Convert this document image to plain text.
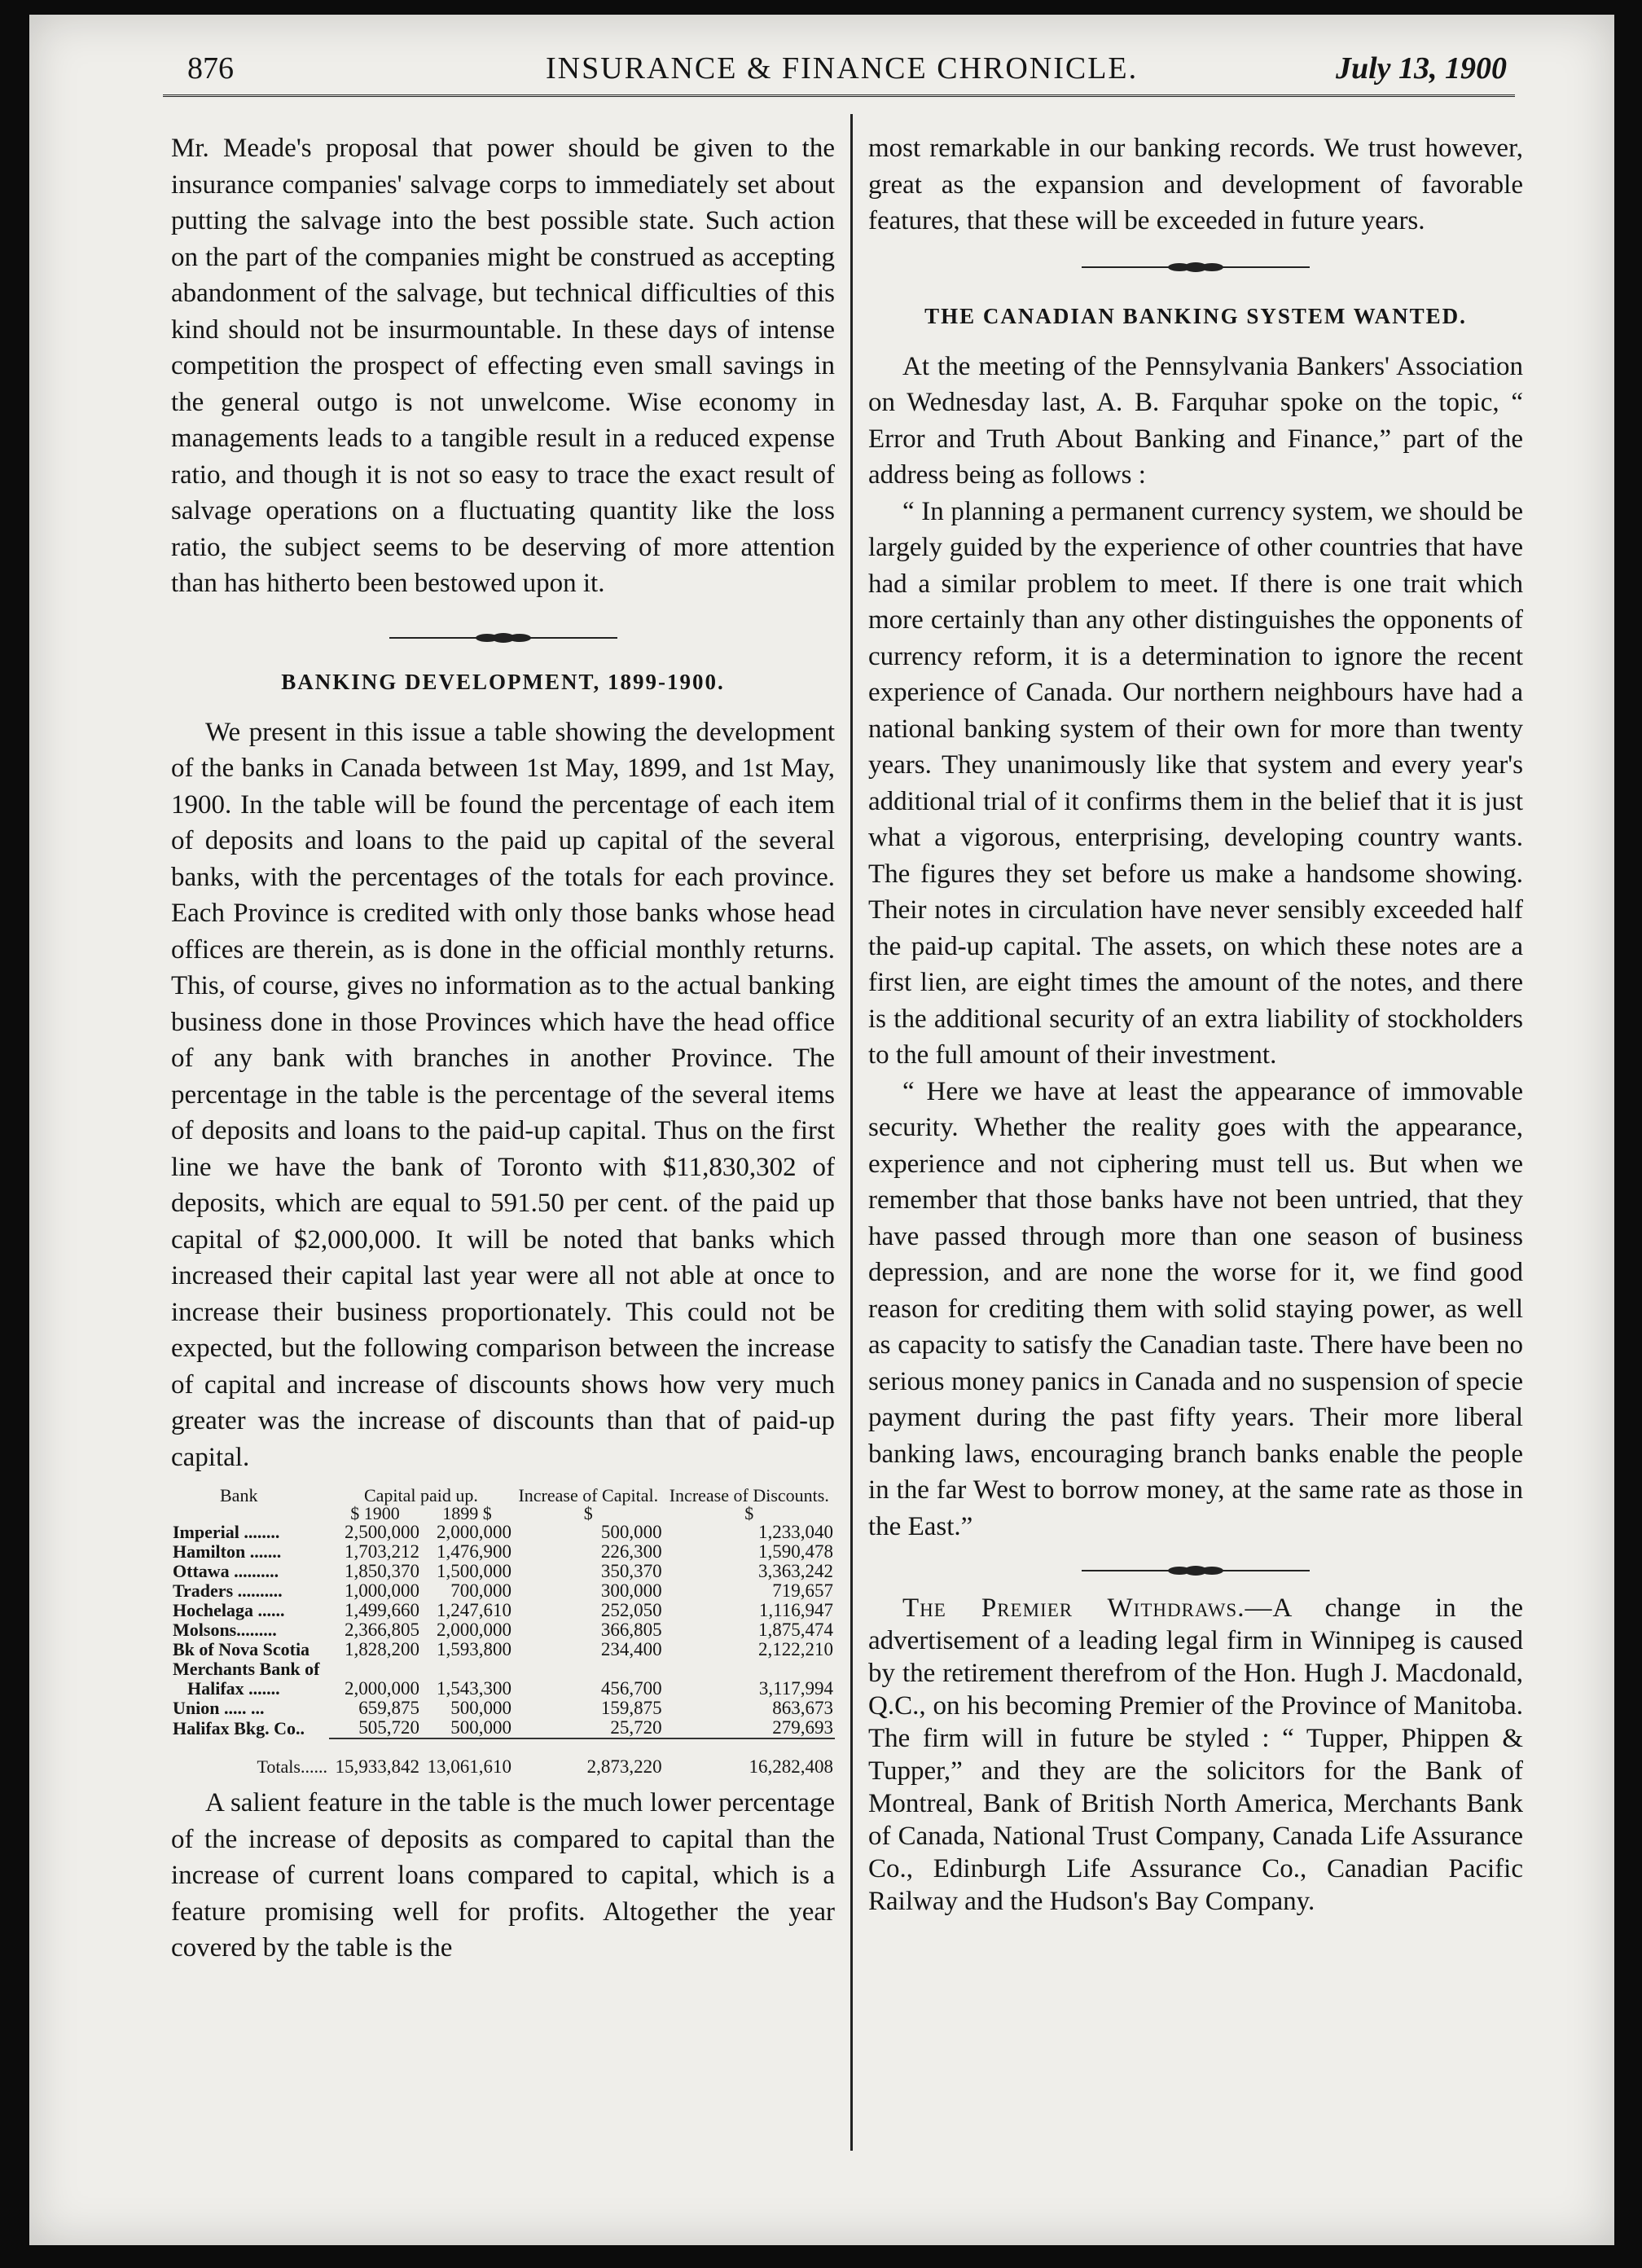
876	INSURANCE & FINANCE CHRONICLE.	July 13, 1900

Mr. Meade's proposal that power should be given to the insurance companies' salvage corps to immediately set about putting the salvage into the best possible state. Such action on the part of the companies might be construed as accepting abandonment of the salvage, but technical difficulties of this kind should not be insurmountable. In these days of intense competition the prospect of effecting even small savings in the general outgo is not unwelcome. Wise economy in managements leads to a tangible result in a reduced expense ratio, and though it is not so easy to trace the exact result of salvage operations on a fluctuating quantity like the loss ratio, the subject seems to be deserving of more attention than has hitherto been bestowed upon it.

BANKING DEVELOPMENT, 1899-1900.

We present in this issue a table showing the development of the banks in Canada between 1st May, 1899, and 1st May, 1900. In the table will be found the percentage of each item of deposits and loans to the paid up capital of the several banks, with the percentages of the totals for each province. Each Province is credited with only those banks whose head offices are therein, as is done in the official monthly returns. This, of course, gives no information as to the actual banking business done in those Provinces which have the head office of any bank with branches in another Province. The percentage in the table is the percentage of the several items of deposits and loans to the paid-up capital. Thus on the first line we have the bank of Toronto with $11,830,302 of deposits, which are equal to 591.50 per cent. of the paid up capital of $2,000,000. It will be noted that banks which increased their capital last year were all not able at once to increase their business proportionately. This could not be expected, but the following comparison between the increase of capital and increase of discounts shows how very much greater was the increase of discounts than that of paid-up capital.

Bank	Capital paid up.		Increase of Capital.	Increase of Discounts.
	$ 1900	1899 $	$	$
Imperial ........	2,500,000	2,000,000	500,000	1,233,040
Hamilton .......	1,703,212	1,476,900	226,300	1,590,478
Ottawa ..........	1,850,370	1,500,000	350,370	3,363,242
Traders ..........	1,000,000	700,000	300,000	719,657
Hochelaga ......	1,499,660	1,247,610	252,050	1,116,947
Molsons.........	2,366,805	2,000,000	366,805	1,875,474
Bk of Nova Scotia	1,828,200	1,593,800	234,400	2,122,210
Merchants Bank of				
Halifax .......	2,000,000	1,543,300	456,700	3,117,994
Union ..... ...	659,875	500,000	159,875	863,673
Halifax Bkg. Co..	505,720	500,000	25,720	279,693

Totals......	15,933,842	13,061,610	2,873,220	16,282,408

A salient feature in the table is the much lower percentage of the increase of deposits as compared to capital than the increase of current loans compared to capital, which is a feature promising well for profits. Altogether the year covered by the table is the

most remarkable in our banking records. We trust however, great as the expansion and development of favorable features, that these will be exceeded in future years.

THE CANADIAN BANKING SYSTEM WANTED.

At the meeting of the Pennsylvania Bankers' Association on Wednesday last, A. B. Farquhar spoke on the topic, “ Error and Truth About Banking and Finance,” part of the address being as follows :

“ In planning a permanent currency system, we should be largely guided by the experience of other countries that have had a similar problem to meet. If there is one trait which more certainly than any other distinguishes the opponents of currency reform, it is a determination to ignore the recent experience of Canada. Our northern neighbours have had a national banking system of their own for more than twenty years. They unanimously like that system and every year's additional trial of it confirms them in the belief that it is just what a vigorous, enterprising, developing country wants. The figures they set before us make a handsome showing. Their notes in circulation have never sensibly exceeded half the paid-up capital. The assets, on which these notes are a first lien, are eight times the amount of the notes, and there is the additional security of an extra liability of stockholders to the full amount of their investment.

“ Here we have at least the appearance of immovable security. Whether the reality goes with the appearance, experience and not ciphering must tell us. But when we remember that those banks have not been untried, that they have passed through more than one season of business depression, and are none the worse for it, we find good reason for crediting them with solid staying power, as well as capacity to satisfy the Canadian taste. There have been no serious money panics in Canada and no suspension of specie payment during the past fifty years. Their more liberal banking laws, encouraging branch banks enable the people in the far West to borrow money, at the same rate as those in the East.”

The Premier Withdraws.—A change in the advertisement of a leading legal firm in Winnipeg is caused by the retirement therefrom of the Hon. Hugh J. Macdonald, Q.C., on his becoming Premier of the Province of Manitoba. The firm will in future be styled : “ Tupper, Phippen & Tupper,” and they are the solicitors for the Bank of Montreal, Bank of British North America, Merchants Bank of Canada, National Trust Company, Canada Life Assurance Co., Edinburgh Life Assurance Co., Canadian Pacific Railway and the Hudson's Bay Company.
